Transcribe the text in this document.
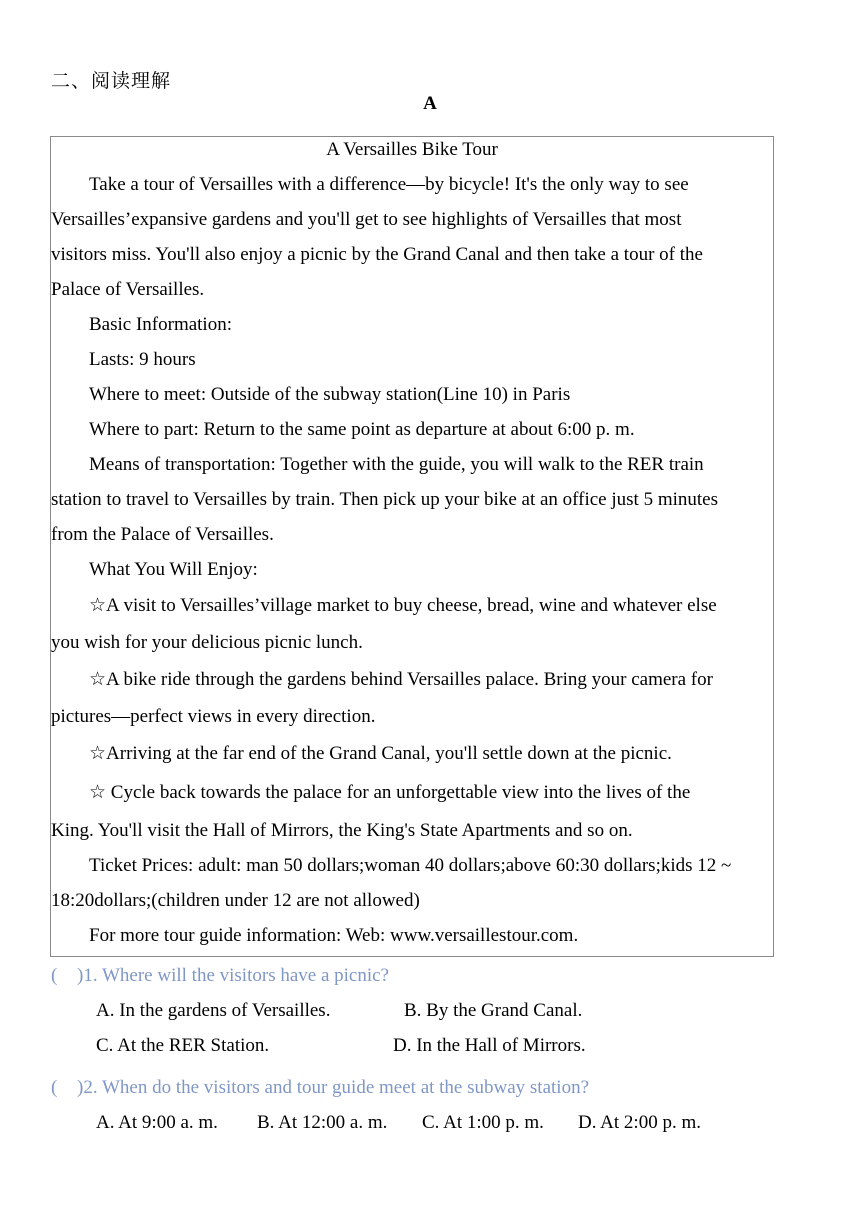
二、阅读理解
A
A Versailles Bike Tour
Take a tour of Versailles with a difference—by bicycle! It's the only way to see
Versailles’expansive gardens and you'll get to see highlights of Versailles that most
visitors miss. You'll also enjoy a picnic by the Grand Canal and then take a tour of the
Palace of Versailles.
Basic Information:
Lasts: 9 hours
Where to meet: Outside of the subway station(Line 10) in Paris
Where to part: Return to the same point as departure at about 6:00 p. m.
Means of transportation: Together with the guide, you will walk to the RER train
station to travel to Versailles by train. Then pick up your bike at an office just 5 minutes
from the Palace of Versailles.
What You Will Enjoy:
☆A visit to Versailles’village market to buy cheese, bread, wine and whatever else
you wish for your delicious picnic lunch.
☆A bike ride through the gardens behind Versailles palace. Bring your camera for
pictures—perfect views in every direction.
☆Arriving at the far end of the Grand Canal, you'll settle down at the picnic.
☆ Cycle back towards the palace for an unforgettable view into the lives of the
King. You'll visit the Hall of Mirrors, the King's State Apartments and so on.
Ticket Prices: adult: man 50 dollars;woman 40 dollars;above 60:30 dollars;kids 12 ~
18:20dollars;(children under 12 are not allowed)
For more tour guide information: Web: www.versaillestour.com.
( )1. Where will the visitors have a picnic?
A. In the gardens of Versailles.	B. By the Grand Canal.
C. At the RER Station.	D. In the Hall of Mirrors.
( )2. When do the visitors and tour guide meet at the subway station?
A. At 9:00 a. m. B. At 12:00 a. m. C. At 1:00 p. m. D. At 2:00 p. m.
